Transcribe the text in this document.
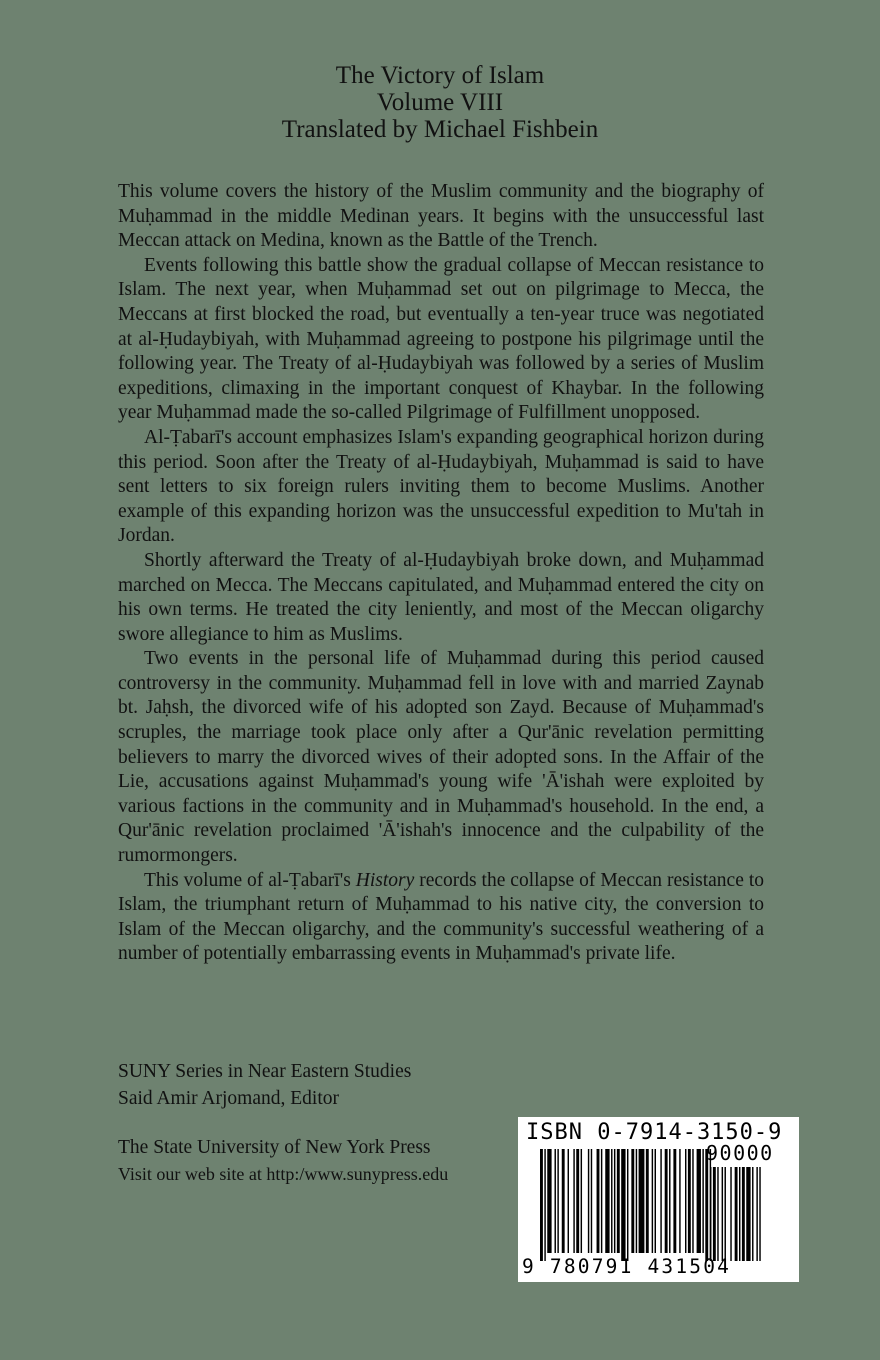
The Victory of Islam
Volume VIII
Translated by Michael Fishbein

This volume covers the history of the Muslim community and the biography of Muḥammad in the middle Medinan years. It begins with the unsuccessful last Meccan attack on Medina, known as the Battle of the Trench.

Events following this battle show the gradual collapse of Meccan resistance to Islam. The next year, when Muḥammad set out on pilgrimage to Mecca, the Meccans at first blocked the road, but eventually a ten-year truce was negotiated at al-Ḥudaybiyah, with Muḥammad agreeing to postpone his pilgrimage until the following year. The Treaty of al-Ḥudaybiyah was followed by a series of Muslim expeditions, climaxing in the important conquest of Khaybar. In the following year Muḥammad made the so-called Pilgrimage of Fulfillment unopposed.

Al-Ṭabarī's account emphasizes Islam's expanding geographical horizon during this period. Soon after the Treaty of al-Ḥudaybiyah, Muḥammad is said to have sent letters to six foreign rulers inviting them to become Muslims. Another example of this expanding horizon was the unsuccessful expedition to Mu'tah in Jordan.

Shortly afterward the Treaty of al-Ḥudaybiyah broke down, and Muḥammad marched on Mecca. The Meccans capitulated, and Muḥammad entered the city on his own terms. He treated the city leniently, and most of the Meccan oligarchy swore allegiance to him as Muslims.

Two events in the personal life of Muḥammad during this period caused controversy in the community. Muḥammad fell in love with and married Zaynab bt. Jaḥsh, the divorced wife of his adopted son Zayd. Because of Muḥammad's scruples, the marriage took place only after a Qur'ānic revelation permitting believers to marry the divorced wives of their adopted sons. In the Affair of the Lie, accusations against Muḥammad's young wife 'Ā'ishah were exploited by various factions in the community and in Muḥammad's household. In the end, a Qur'ānic revelation proclaimed 'Ā'ishah's innocence and the culpability of the rumormongers.

This volume of al-Ṭabarī's History records the collapse of Meccan resistance to Islam, the triumphant return of Muḥammad to his native city, the conversion to Islam of the Meccan oligarchy, and the community's successful weathering of a number of potentially embarrassing events in Muḥammad's private life.

SUNY Series in Near Eastern Studies
Said Amir Arjomand, Editor
The State University of New York Press
Visit our web site at http:/www.sunypress.edu
ISBN 0-7914-3150-9
90000
9 780791 431504
